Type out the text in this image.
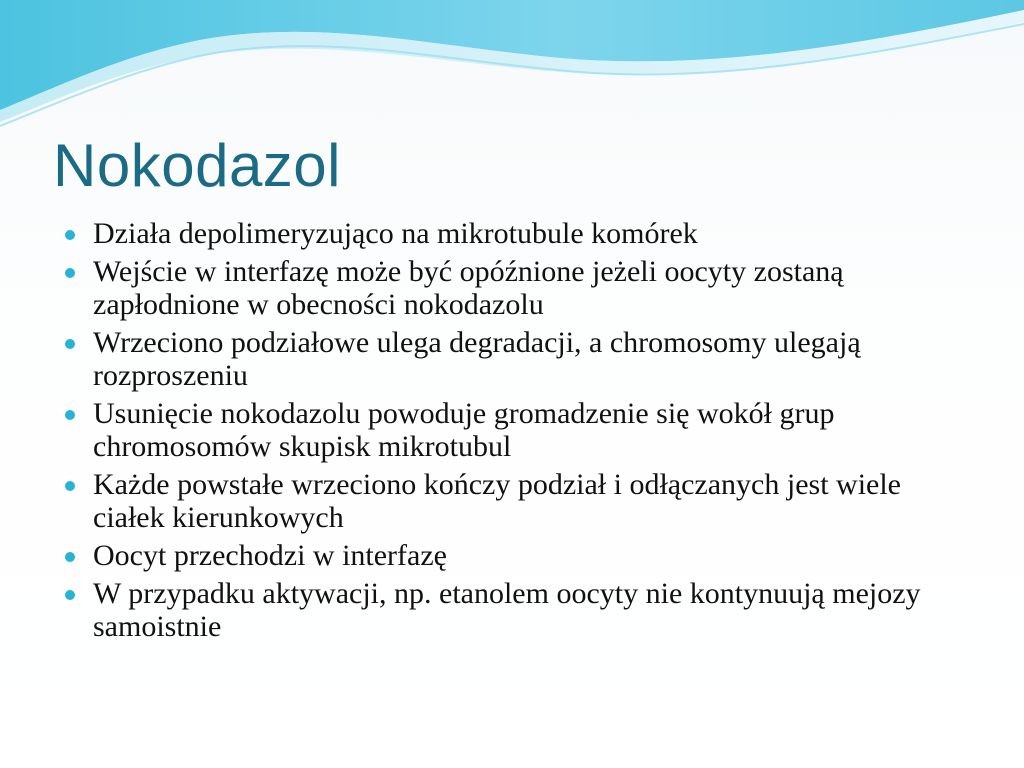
Nokodazol
Działa depolimeryzująco na mikrotubule komórek
Wejście w interfazę może być opóźnione jeżeli oocyty zostaną zapłodnione w obecności nokodazolu
Wrzeciono podziałowe ulega degradacji, a chromosomy ulegają rozproszeniu
Usunięcie nokodazolu powoduje gromadzenie się wokół grup chromosomów skupisk mikrotubul
Każde powstałe wrzeciono kończy podział i odłączanych jest wiele ciałek kierunkowych
Oocyt przechodzi w interfazę
W przypadku aktywacji, np. etanolem oocyty nie kontynuują mejozy samoistnie
